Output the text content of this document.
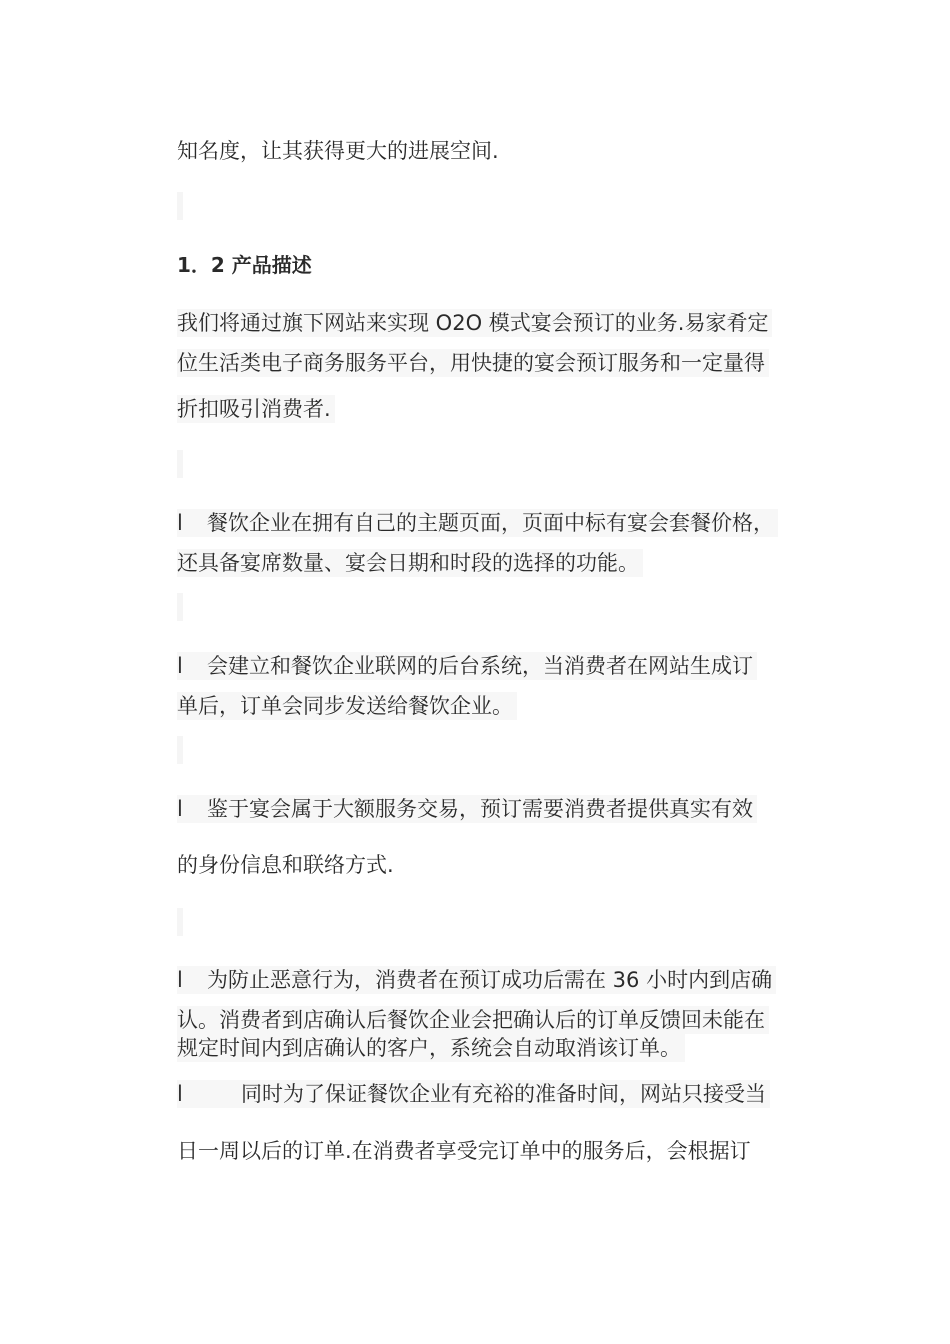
知名度，让其获得更大的进展空间.
1．2 产品描述
我们将通过旗下网站来实现 O2O 模式宴会预订的业务.易家肴定
位生活类电子商务服务平台，用快捷的宴会预订服务和一定量得
折扣吸引消费者.
l 餐饮企业在拥有自己的主题页面，页面中标有宴会套餐价格，
还具备宴席数量、宴会日期和时段的选择的功能。
l 会建立和餐饮企业联网的后台系统，当消费者在网站生成订
单后，订单会同步发送给餐饮企业。
l 鉴于宴会属于大额服务交易，预订需要消费者提供真实有效
的身份信息和联络方式.
l 为防止恶意行为，消费者在预订成功后需在 36 小时内到店确
认。消费者到店确认后餐饮企业会把确认后的订单反馈回未能在
规定时间内到店确认的客户，系统会自动取消该订单。
l	同时为了保证餐饮企业有充裕的准备时间，网站只接受当
日一周以后的订单.在消费者享受完订单中的服务后，会根据订
